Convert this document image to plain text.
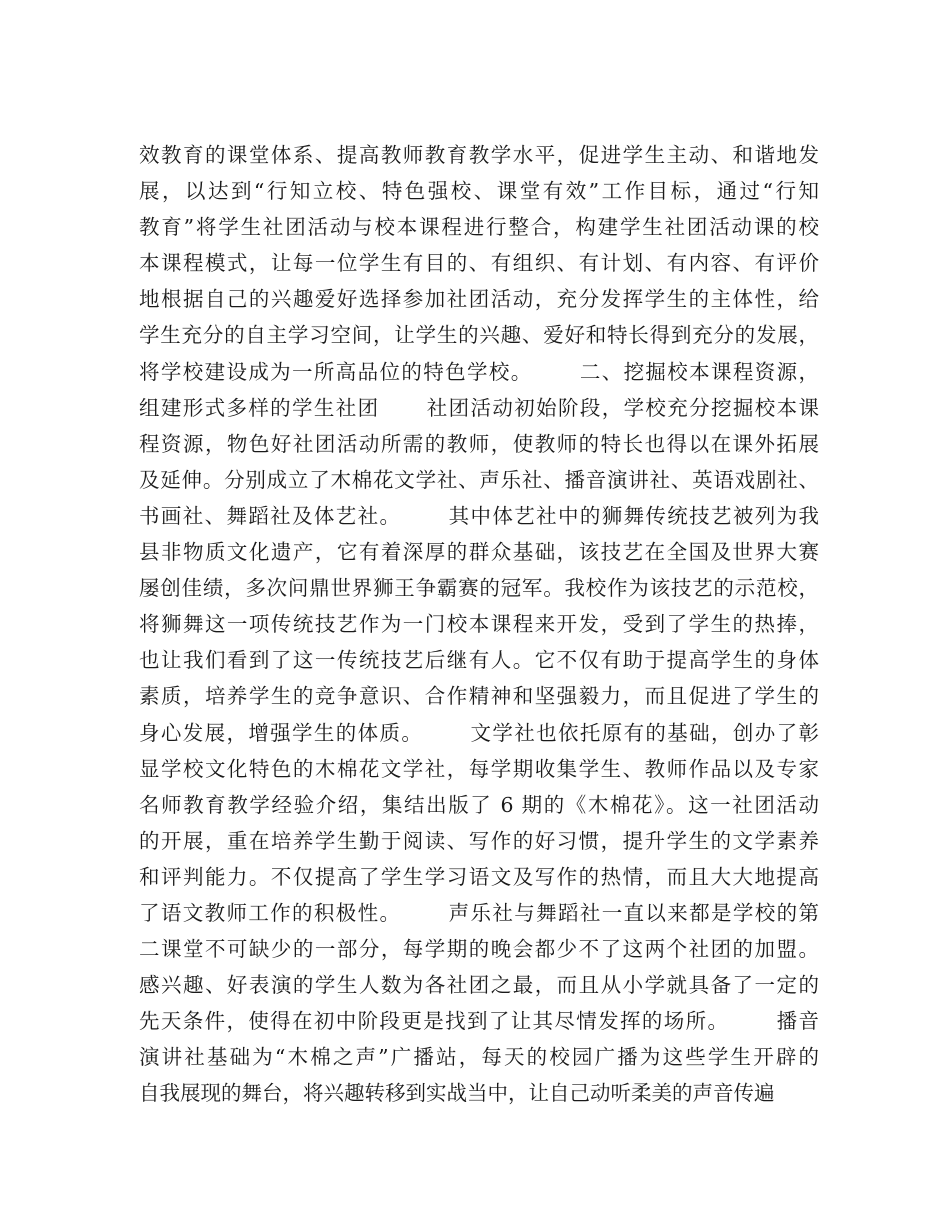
效教育的课堂体系、提高教师教育教学水平，促进学生主动、和谐地发
展，以达到“行知立校、特色强校、课堂有效”工作目标，通过“行知
教育”将学生社团活动与校本课程进行整合，构建学生社团活动课的校
本课程模式，让每一位学生有目的、有组织、有计划、有内容、有评价
地根据自己的兴趣爱好选择参加社团活动，充分发挥学生的主体性，给
学生充分的自主学习空间，让学生的兴趣、爱好和特长得到充分的发展，
将学校建设成为一所高品位的特色学校。      二、挖掘校本课程资源，
组建形式多样的学生社团      社团活动初始阶段，学校充分挖掘校本课
程资源，物色好社团活动所需的教师，使教师的特长也得以在课外拓展
及延伸。分别成立了木棉花文学社、声乐社、播音演讲社、英语戏剧社、
书画社、舞蹈社及体艺社。      其中体艺社中的狮舞传统技艺被列为我
县非物质文化遗产，它有着深厚的群众基础，该技艺在全国及世界大赛
屡创佳绩，多次问鼎世界狮王争霸赛的冠军。我校作为该技艺的示范校，
将狮舞这一项传统技艺作为一门校本课程来开发，受到了学生的热捧，
也让我们看到了这一传统技艺后继有人。它不仅有助于提高学生的身体
素质，培养学生的竞争意识、合作精神和坚强毅力，而且促进了学生的
身心发展，增强学生的体质。      文学社也依托原有的基础，创办了彰
显学校文化特色的木棉花文学社，每学期收集学生、教师作品以及专家
名师教育教学经验介绍，集结出版了 6 期的《木棉花》。这一社团活动
的开展，重在培养学生勤于阅读、写作的好习惯，提升学生的文学素养
和评判能力。不仅提高了学生学习语文及写作的热情，而且大大地提高
了语文教师工作的积极性。      声乐社与舞蹈社一直以来都是学校的第
二课堂不可缺少的一部分，每学期的晚会都少不了这两个社团的加盟。
感兴趣、好表演的学生人数为各社团之最，而且从小学就具备了一定的
先天条件，使得在初中阶段更是找到了让其尽情发挥的场所。      播音
演讲社基础为“木棉之声”广播站，每天的校园广播为这些学生开辟的
自我展现的舞台，将兴趣转移到实战当中，让自己动听柔美的声音传遍
